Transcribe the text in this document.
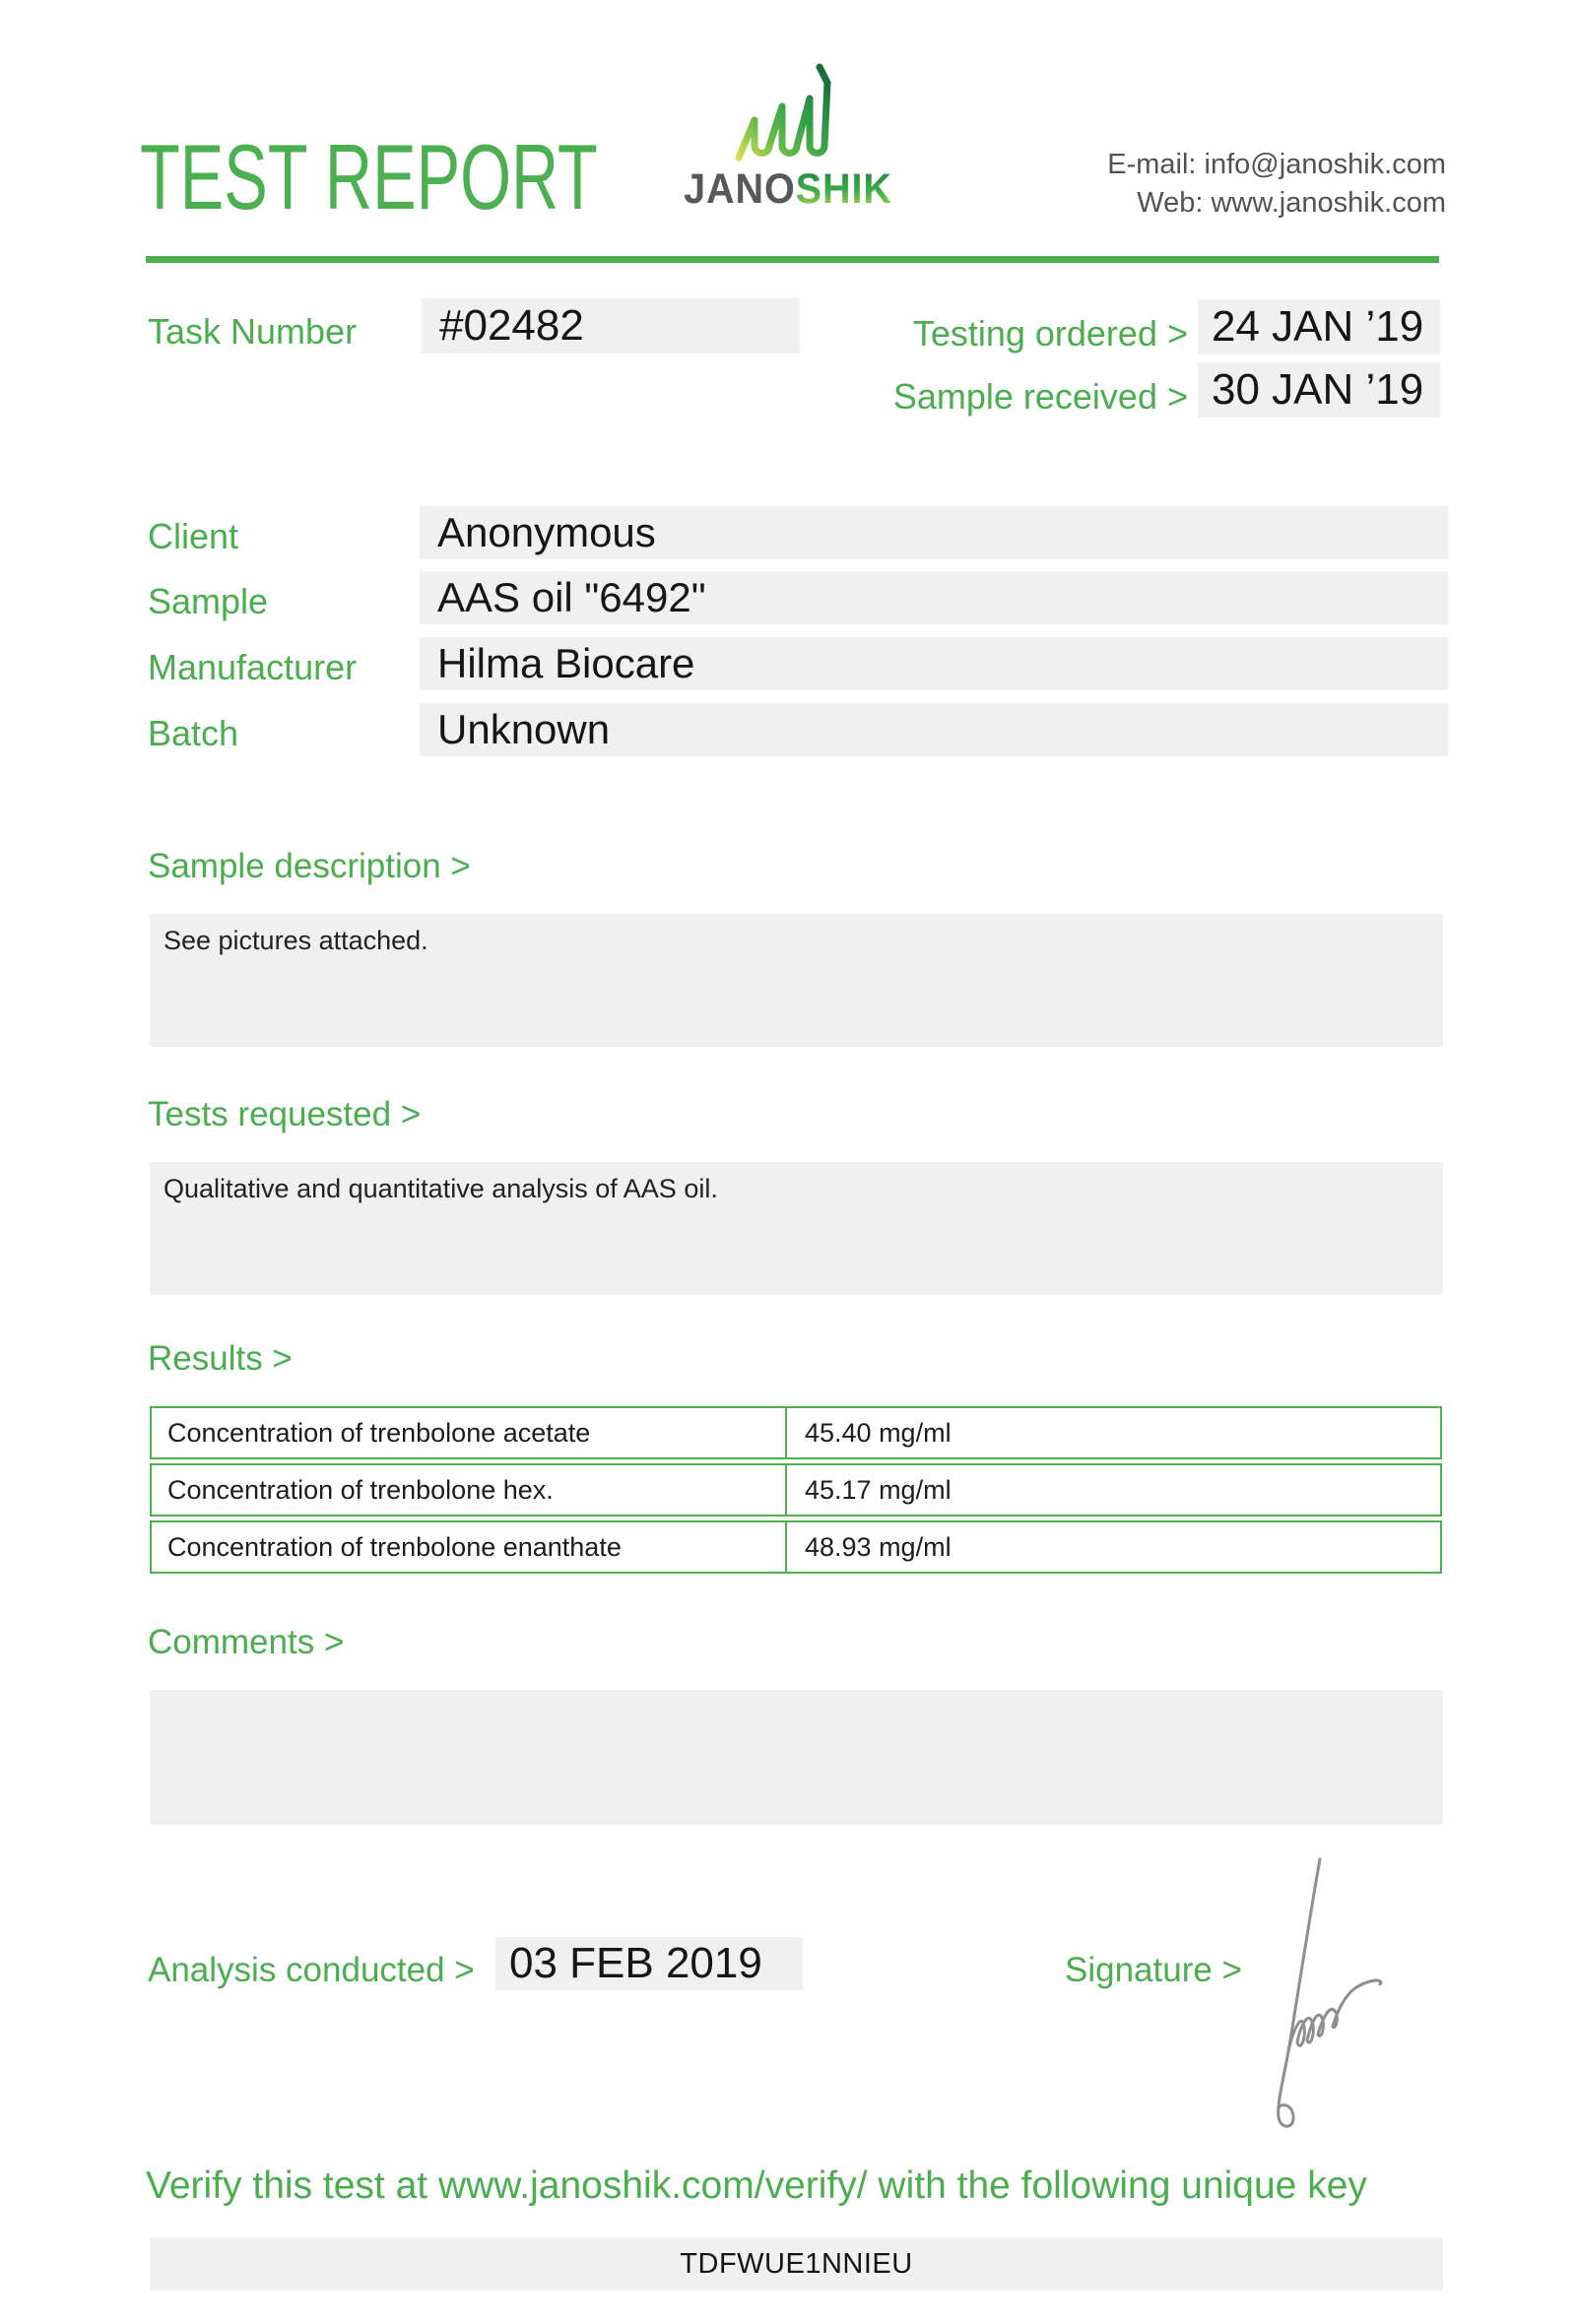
TEST REPORT JANOSHIK
E-mail: info@janoshik.com
Web: www.janoshik.com
Task Number	#02482	Testing ordered > 24 JAN ’19
Sample received > 30 JAN ’19
Client	Anonymous
Sample	AAS oil "6492"
Manufacturer	Hilma Biocare
Batch	Unknown
Sample description >
See pictures attached.
Tests requested >
Qualitative and quantitative analysis of AAS oil.
Results >
Concentration of trenbolone acetate	45.40 mg/ml
Concentration of trenbolone hex.	45.17 mg/ml
Concentration of trenbolone enanthate	48.93 mg/ml
Comments >
Analysis conducted > 03 FEB 2019	Signature >
Verify this test at www.janoshik.com/verify/ with the following unique key
TDFWUE1NNIEU
